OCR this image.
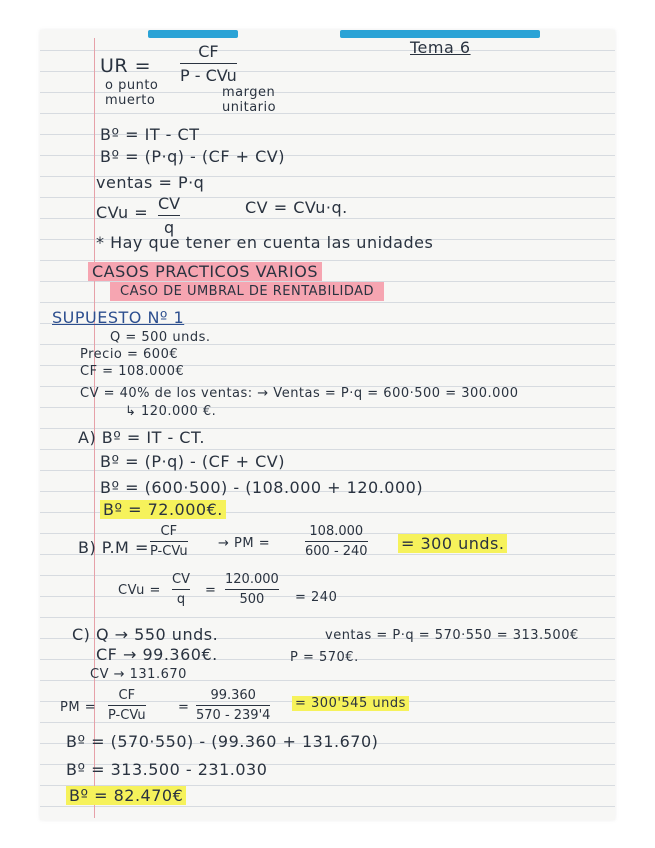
Tema 6
UR =
CF
P - CVu
o punto muerto
margen unitario
Bº = IT - CT
Bº = (P·q) - (CF + CV)
ventas = P·q
CVu = CV
q
CV = CVu·q.
* Hay que tener en cuenta las unidades
CASOS PRACTICOS VARIOS
CASO DE UMBRAL DE RENTABILIDAD
SUPUESTO Nº 1
Q = 500 unds.
Precio = 600€
CF = 108.000€
CV = 40% de los ventas: → Ventas = P·q = 600·500 = 300.000
↳ 120.000 €.
A) Bº = IT - CT.
Bº = (P·q) - (CF + CV)
Bº = (600·500) - (108.000 + 120.000)
Bº = 72.000€.
B) P.M =
CF
P-CVu
→ PM =
108.000
600 - 240 = 300 unds.
CVu =
CV
q
=
120.000
500 = 240
C) Q → 550 unds.	ventas = P·q = 570·550 = 313.500€
CF → 99.360€.	P = 570€.
CV → 131.670
PM =
CF
P-CVu
=
99.360
570 - 239'4
= 300'545 unds
Bº = (570·550) - (99.360 + 131.670)
Bº = 313.500 - 231.030
Bº = 82.470€
